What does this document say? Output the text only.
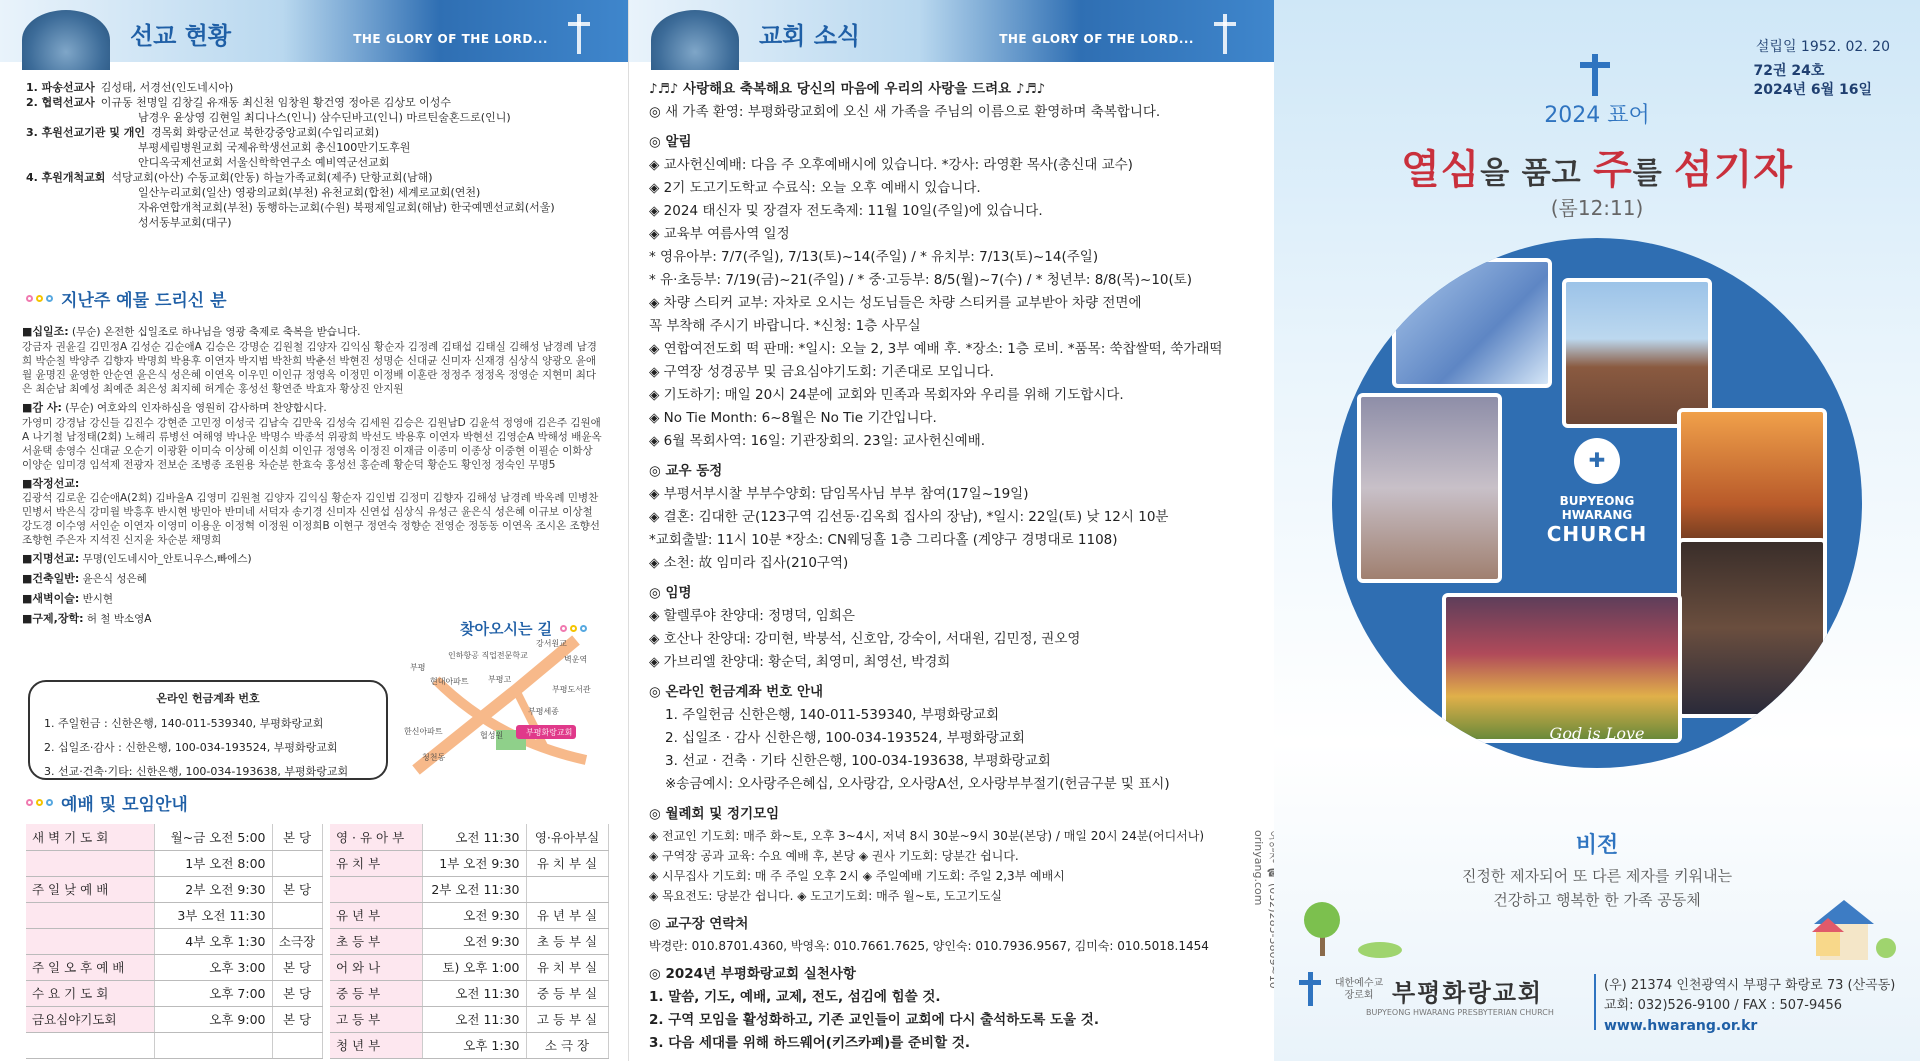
선교 현황	THE GLORY OF THE LORD...
1. 파송선교사 김성태, 서경선(인도네시아)
2. 협력선교사 이규동 천명일 김창길 유재동 최신천 임창원 황건영 정아론 김상모 이성수
남경우 윤상영 김현일 최디나스(인니) 삼수딘바고(인니) 마르틴술혼드로(인니)
3. 후원선교기관 및 개인 경목회 화랑군선교 북한강중앙교회(수입리교회)
부평세림병원교회 국제유학생선교회 총신100만기도후원
안디옥국제선교회 서울신학학연구소 예비역군선교회
4. 후원개척교회 석당교회(아산) 수동교회(안동) 하늘가족교회(제주) 단항교회(남해)
일산누리교회(일산) 영광의교회(부천) 유천교회(합천) 세계로교회(연천)
자유연합개척교회(부천) 동행하는교회(수원) 북평제일교회(해남) 한국예멘선교회(서울)
성서동부교회(대구)
지난주 예물 드리신 분
■십일조: (무순) 온전한 십일조로 하나님을 영광 축제로 축복을 받습니다.
강금자 권윤길 김민정A 김성순 김순애A 김승은 강명순 김원철 김양자 김익심 황순자 김정례 김태섭 김태실 김해성 남경례 남경희 박순칠 박양주 김향자 박명희 박용후 이연자 박지범 박찬희 박춘선 박현진 성명순 신대균 신미자 신재경 심상식 양광오 윤애월 윤명진 윤영한 안순연 윤은식 성은혜 이연옥 이우민 이인규 정영옥 이정민 이정배 이훈란 정정주 정정옥 정영순 지현미 최다은 최순남 최예성 최예준 최은성 최지혜 허게순 홍성선 황연준 박효자 황상진 안지원
■감 사: (무순) 여호와의 인자하심을 영원히 감사하며 찬양합시다.
가영미 강경남 강신들 김진수 강현준 고민정 이성국 김남숙 김만욱 김성숙 김세원 김승은 김원남D 김윤석 정영애 김은주 김원애A 나기철 남정태(2회) 노해리 류병선 여해영 박나운 박명수 박종석 위광희 박선도 박용후 이연자 박현선 김영순A 박해성 배윤옥 서윤택 송영수 신대균 오순기 이광환 이미숙 이상혜 이신희 이인규 정영옥 이정진 이재금 이종미 이종상 이중현 이필순 이화상 이양순 임미경 임석제 전광자 전보순 조병종 조원용 차순분 한효숙 홍성선 홍순례 황순덕 황순도 황인정 정숙인 무명5
■작정선교:
김광석 김로운 김순애A(2회) 김바울A 김영미 김원철 김양자 김익심 황순자 김인범 김정미 김향자 김해성 남경례 박옥례 민병찬 민병서 박은식 강미월 박흥후 반시현 방민아 반미네 서덕자 송기경 신미자 신연섭 심상식 유성근 윤은식 성은혜 이규보 이상철 강도경 이수영 서인순 이연자 이영미 이용운 이정혁 이정원 이정희B 이현구 정연숙 정향순 전영순 정동동 이연옥 조시온 조향선 조향현 주은자 지석진 신지윤 차순분 채명희
■지명선교: 무명(인도네시아_안토니우스,빠에스)
■건축일반: 윤은식 성은혜
■새벽이슬: 반시현
■구제,장학: 허 철 박소영A
찾아오시는 길
인하항공 직업전문학교
강서원교
벽운역
부평
현대아파트 부평고
부평도서관
부평세종
한신아파트	협성원	부평화랑교회
청천동
온라인 헌금계좌 번호
1. 주일헌금 : 신한은행, 140-011-539340, 부평화랑교회
2. 십일조·감사 : 신한은행, 100-034-193524, 부평화랑교회
3. 선교·건축·기타: 신한은행, 100-034-193638, 부평화랑교회
예배 및 모임안내
새 벽 기 도 회	월~금 오전 5:00	본 당		영 · 유 아 부	오전 11:30	영·유아부실
	1부 오전 8:00			유 치 부	1부 오전 9:30	유 치 부 실
주 일 낮 예 배	2부 오전 9:30	본 당			2부 오전 11:30	
	3부 오전 11:30			유 년 부	오전 9:30	유 년 부 실
	4부 오후 1:30	소극장		초 등 부	오전 9:30	초 등 부 실
주 일 오 후 예 배	오후 3:00	본 당		어 와 나	토) 오후 1:00	유 치 부 실
수 요 기 도 회	오후 7:00	본 당		중 등 부	오전 11:30	중 등 부 실
금요심야기도회	오후 9:00	본 당		고 등 부	오전 11:30	고 등 부 실
				청 년 부	오후 1:30	소 극 장
교회 소식	THE GLORY OF THE LORD...
♪♬♪ 사랑해요 축복해요 당신의 마음에 우리의 사랑을 드려요 ♪♬♪
◎ 새 가족 환영: 부평화랑교회에 오신 새 가족을 주님의 이름으로 환영하며 축복합니다.
◎ 알림
◈ 교사헌신예배: 다음 주 오후예배시에 있습니다. *강사: 라영환 목사(총신대 교수)
◈ 2기 도고기도학교 수료식: 오늘 오후 예배시 있습니다.
◈ 2024 태신자 및 장결자 전도축제: 11월 10일(주일)에 있습니다.
◈ 교육부 여름사역 일정
* 영유아부: 7/7(주일), 7/13(토)~14(주일) / * 유치부: 7/13(토)~14(주일)
* 유·초등부: 7/19(금)~21(주일) / * 중·고등부: 8/5(월)~7(수) / * 청년부: 8/8(목)~10(토)
◈ 차량 스티커 교부: 자차로 오시는 성도님들은 차량 스티커를 교부받아 차량 전면에
꼭 부착해 주시기 바랍니다. *신청: 1층 사무실
◈ 연합여전도회 떡 판매: *일시: 오늘 2, 3부 예배 후. *장소: 1층 로비. *품목: 쑥찹쌀떡, 쑥가래떡
◈ 구역장 성경공부 및 금요심야기도회: 기존대로 모입니다.
◈ 기도하기: 매일 20시 24분에 교회와 민족과 목회자와 우리를 위해 기도합시다.
◈ No Tie Month: 6~8월은 No Tie 기간입니다.
◈ 6월 목회사역: 16일: 기관장회의. 23일: 교사헌신예배.
◎ 교우 동정
◈ 부평서부시찰 부부수양회: 담임목사님 부부 참여(17일~19일)
◈ 결혼: 김대한 군(123구역 김선동·김옥희 집사의 장남), *일시: 22일(토) 낮 12시 10분
*교회출발: 11시 10분 *장소: CN웨딩홀 1층 그리다홀 (계양구 경명대로 1108)
◈ 소천: 故 임미라 집사(210구역)
◎ 임명
◈ 할렐루야 찬양대: 정명덕, 임희은
◈ 호산나 찬양대: 강미현, 박붕석, 신호암, 강숙이, 서대원, 김민정, 권오영
◈ 가브리엘 찬양대: 황순덕, 최영미, 최영선, 박경희
◎ 온라인 헌금계좌 번호 안내
1. 주일헌금 신한은행, 140-011-539340, 부평화랑교회
2. 십일조 · 감사 신한은행, 100-034-193524, 부평화랑교회
3. 선교 · 건축 · 기타 신한은행, 100-034-193638, 부평화랑교회
※송금예시: 오사랑주은혜십, 오사랑감, 오사랑A선, 오사랑부부절기(헌금구분 및 표시)
◎ 월례회 및 정기모임
◈ 전교인 기도회: 매주 화~토, 오후 3~4시, 저녁 8시 30분~9시 30분(본당) / 매일 20시 24분(어디서나)
◈ 구역장 공과 교육: 수요 예배 후, 본당 ◈ 권사 기도회: 당분간 쉽니다.
◈ 시무집사 기도회: 매 주 주일 오후 2시 ◈ 주일예배 기도회: 주일 2,3부 예배시
◈ 목요전도: 당분간 쉽니다. ◈ 도고기도회: 매주 월~토, 도고기도실
◎ 교구장 연락처
박경란: 010.8701.4360, 박영옥: 010.7661.7625, 양인숙: 010.7936.9567, 김미숙: 010.5018.1454
◎ 2024년 부평화랑교회 실천사항
1. 말씀, 기도, 예배, 교제, 전도, 섬김에 힘쓸 것.
2. 구역 모임을 활성화하고, 기존 교인들이 교회에 다시 출석하도록 도울 것.
3. 다음 세대를 위해 하드웨어(키즈카페)를 준비할 것.
orinyang.com
설립일 1952. 02. 20
72권 24호
2024년 6월 16일
2024 표어
열심을 품고 주를 섬기자
(롬12:11)
✚
BUPYEONG HWARANG
CHURCH
God is Love
비전
진정한 제자되어 또 다른 제자를 키워내는
건강하고 행복한 한 가족 공동체
대한예수교 장로회 부평화랑교회
BUPYEONG HWARANG PRESBYTERIAN CHURCH
(우) 21374 인천광역시 부평구 화랑로 73 (산곡동)
교회: 032)526-9100 / FAX : 507-9456
www.hwarang.or.kr
